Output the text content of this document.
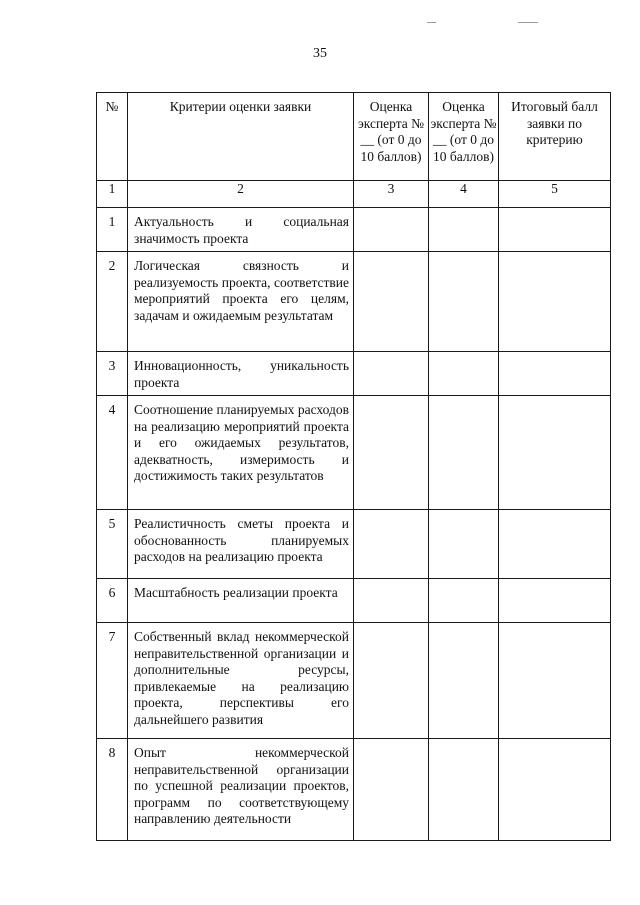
35
№	Критерии оценки заявки	Оценка эксперта № __ (от 0 до 10 баллов)	Оценка эксперта № __ (от 0 до 10 баллов)	Итоговый балл заявки по критерию
1	2	3	4	5
1	Актуальность и социальная значимость проекта			
2	Логическая связность и реализуемость проекта, соответствие мероприятий проекта его целям, задачам и ожидаемым результатам			
3	Инновационность, уникальность проекта			
4	Соотношение планируемых расходов на реализацию мероприятий проекта и его ожидаемых результатов, адекватность, измеримость и достижимость таких результатов			
5	Реалистичность сметы проекта и обоснованность планируемых расходов на реализацию проекта			
6	Масштабность реализации проекта			
7	Собственный вклад некоммерческой неправительственной организации и дополнительные ресурсы, привлекаемые на реализацию проекта, перспективы его дальнейшего развития			
8	Опыт некоммерческой неправительственной организации по успешной реализации проектов, программ по соответствующему направлению деятельности			
